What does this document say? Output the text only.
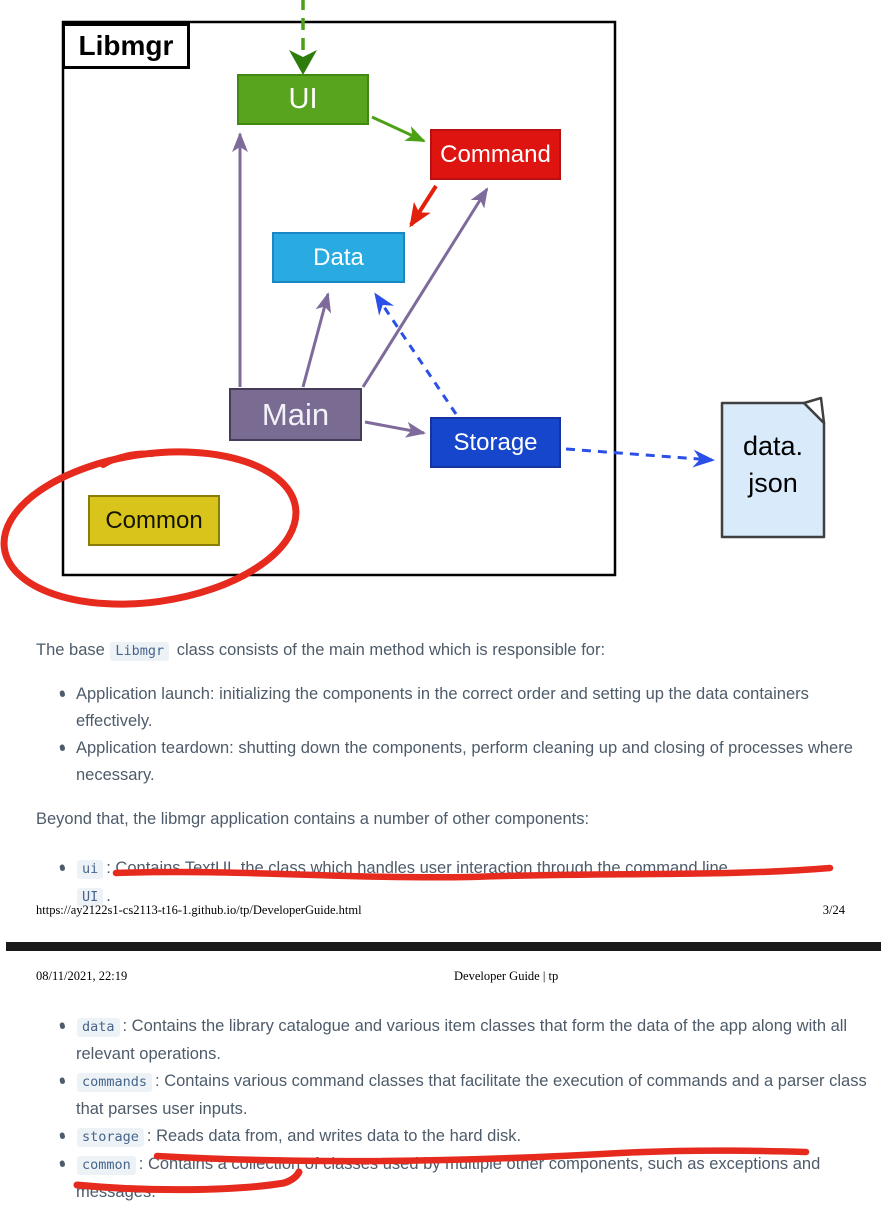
Libmgr
UI
Command
Data
Main
Storage
Common
data.
json

The base Libmgr class consists of the main method which is responsible for:

• • Application launch: initializing the components in the correct order and setting up the data containers effectively.
• • Application teardown: shutting down the components, perform cleaning up and closing of processes where necessary.

Beyond that, the libmgr application contains a number of other components:

• • ui : Contains TextUI, the class which handles user interaction through the command line
UI .
https://ay2122s1-cs2113-t16-1.github.io/tp/DeveloperGuide.html	3/24
08/11/2021, 22:19	Developer Guide | tp
• • data : Contains the library catalogue and various item classes that form the data of the app along with all relevant operations.
• • commands : Contains various command classes that facilitate the execution of commands and a parser class that parses user inputs.
• • storage : Reads data from, and writes data to the hard disk.
• • common : Contains a collection of classes used by multiple other components, such as exceptions and messages.
